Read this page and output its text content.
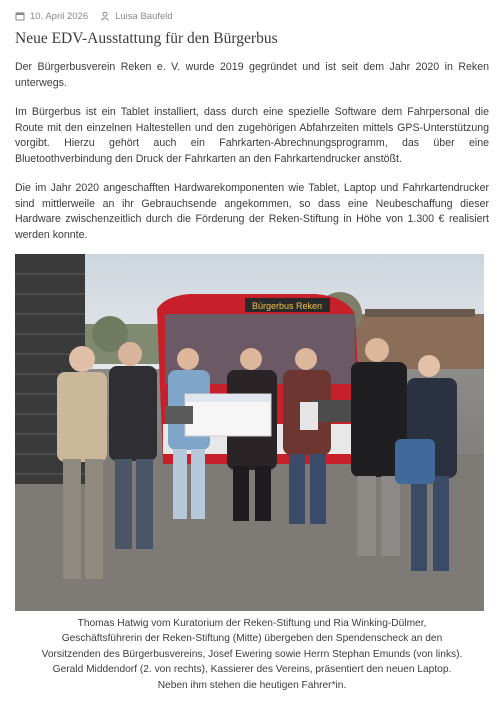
10. April 2026	Luisa Baufeld
Neue EDV-Ausstattung für den Bürgerbus

Der Bürgerbusverein Reken e. V. wurde 2019 gegründet und ist seit dem Jahr 2020 in Reken unterwegs.

Im Bürgerbus ist ein Tablet installiert, dass durch eine spezielle Software dem Fahrpersonal die Route mit den einzelnen Haltestellen und den zugehörigen Abfahrzeiten mittels GPS-Unterstützung vorgibt. Hierzu gehört auch ein Fahrkarten-Abrechnungsprogramm, das über eine Bluetoothverbindung den Druck der Fahrkarten an den Fahrkartendrucker anstößt.

Die im Jahr 2020 angeschafften Hardwarekomponenten wie Tablet, Laptop und Fahrkartendrucker sind mittlerweile an ihr Gebrauchsende angekommen, so dass eine Neubeschaffung dieser Hardware zwischenzeitlich durch die Förderung der Reken-Stiftung in Höhe von 1.300 € realisiert werden konnte.

Bürgerbus Reken
Thomas Hatwig vom Kuratorium der Reken-Stiftung und Ria Winking-Dülmer,
Geschäftsführerin der Reken-Stiftung (Mitte) übergeben den Spendenscheck an den
Vorsitzenden des Bürgerbusvereins, Josef Ewering sowie Herrn Stephan Emunds (von links).
Gerald Middendorf (2. von rechts), Kassierer des Vereins, präsentiert den neuen Laptop.
Neben ihm stehen die heutigen Fahrer*in.
